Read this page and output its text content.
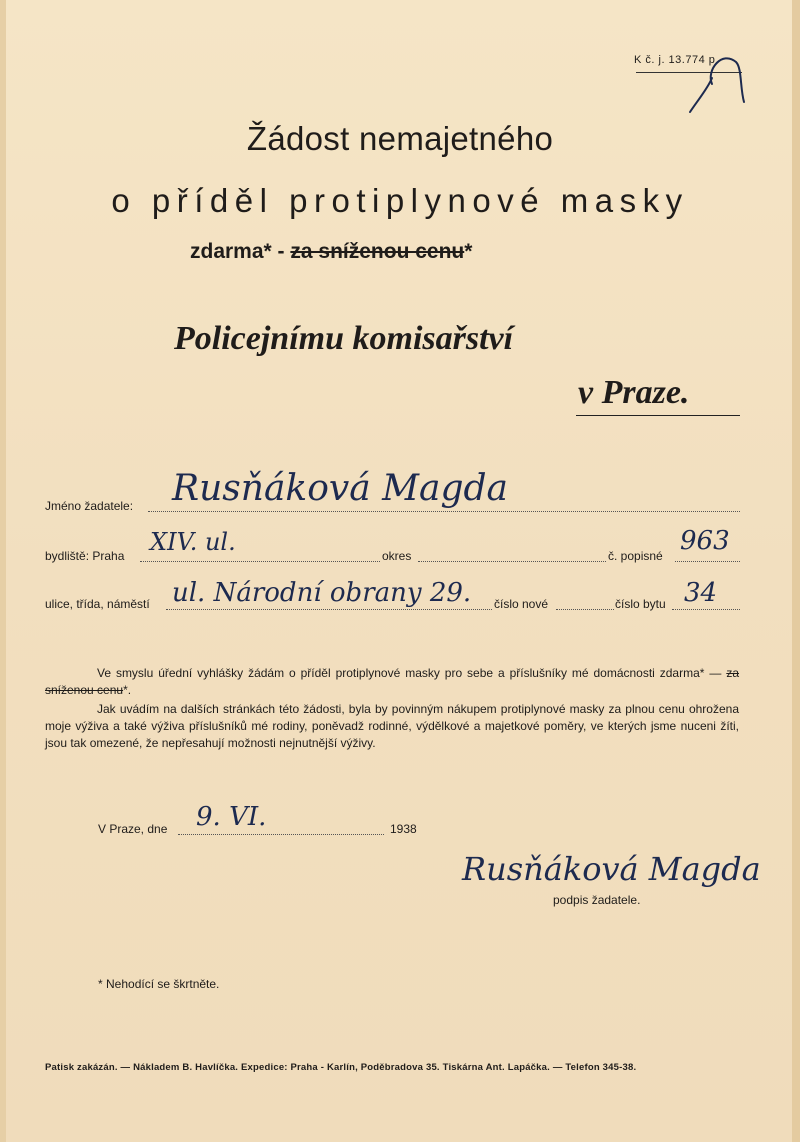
K č. j. 13.774 p.
Žádost nemajetného
o příděl protiplynové masky
zdarma* - za sníženou cenu*
Policejnímu komisařství
v Praze.
Jméno žadatele: Rusňáková Magda
bydliště: Praha XIV. ul.	okres	č. popisné 963
ulice, třída, náměstí ul. Národní obrany 29. číslo nové	číslo bytu 34
Ve smyslu úřední vyhlášky žádám o příděl protiplynové masky pro sebe a příslušníky mé domácnosti zdarma* — za sníženou cenu*.
Jak uvádím na dalších stránkách této žádosti, byla by povinným nákupem protiplynové masky za plnou cenu ohrožena moje výživa a také výživa příslušníků mé rodiny, poněvadž rodinné, výdělkové a majetkové poměry, ve kterých jsme nuceni žíti, jsou tak omezené, že nepřesahují možnosti nejnutnější výživy.
V Praze, dne 9. VI.	1938
Rusňáková Magda
podpis žadatele.
* Nehodící se škrtněte.
Patisk zakázán. — Nákladem B. Havlíčka. Expedice: Praha - Karlín, Poděbradova 35. Tiskárna Ant. Lapáčka. — Telefon 345-38.
